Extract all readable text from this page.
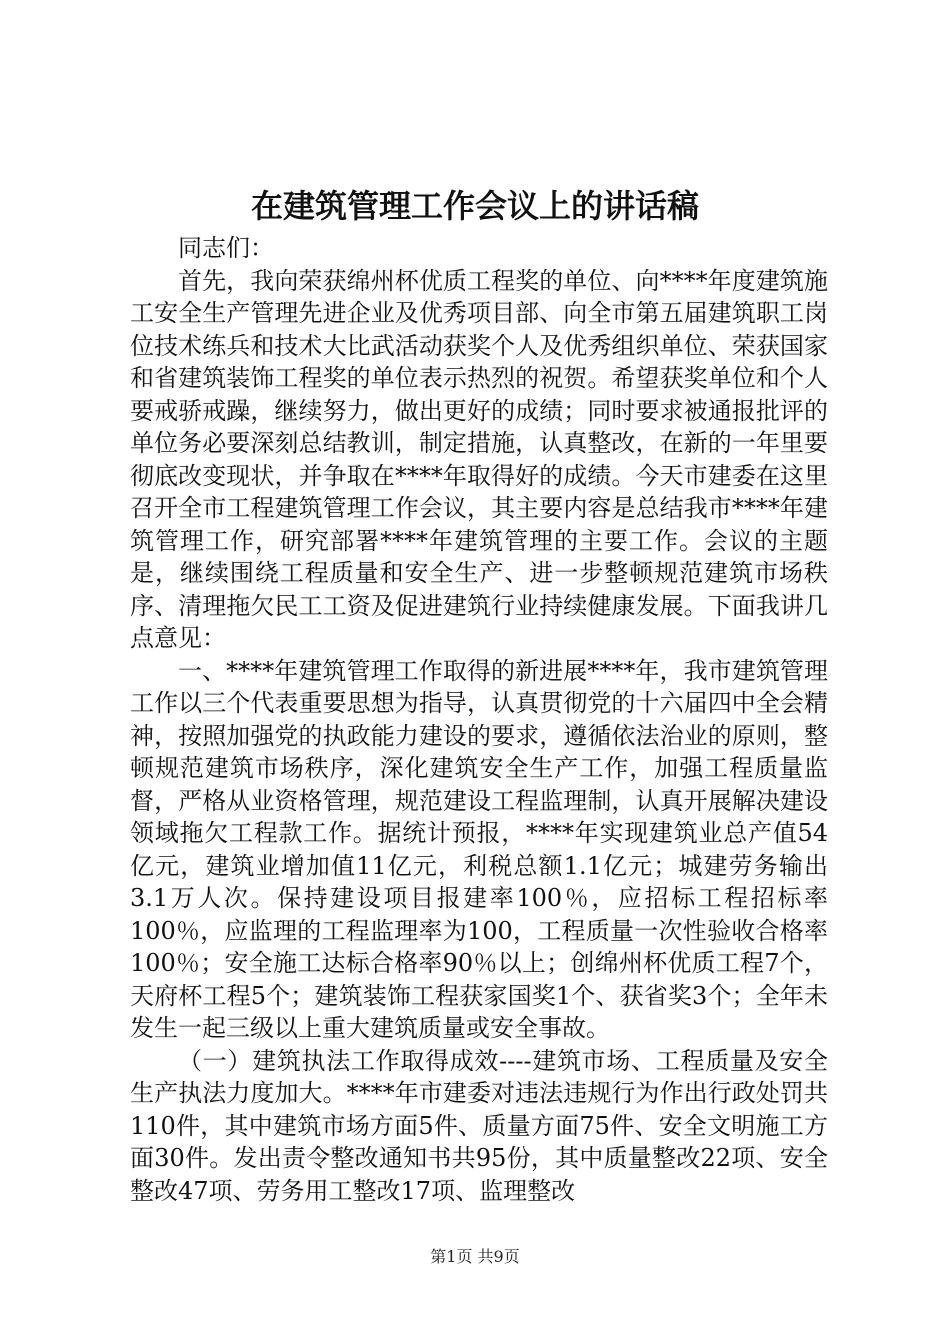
在建筑管理工作会议上的讲话稿

同志们：

首先，我向荣获绵州杯优质工程奖的单位、向****年度建筑施工安全生产管理先进企业及优秀项目部、向全市第五届建筑职工岗位技术练兵和技术大比武活动获奖个人及优秀组织单位、荣获国家和省建筑装饰工程奖的单位表示热烈的祝贺。希望获奖单位和个人要戒骄戒躁，继续努力，做出更好的成绩；同时要求被通报批评的单位务必要深刻总结教训，制定措施，认真整改，在新的一年里要彻底改变现状，并争取在****年取得好的成绩。今天市建委在这里召开全市工程建筑管理工作会议，其主要内容是总结我市****年建筑管理工作，研究部署****年建筑管理的主要工作。会议的主题是，继续围绕工程质量和安全生产、进一步整顿规范建筑市场秩序、清理拖欠民工工资及促进建筑行业持续健康发展。下面我讲几点意见：

一、****年建筑管理工作取得的新进展****年，我市建筑管理工作以三个代表重要思想为指导，认真贯彻党的十六届四中全会精神，按照加强党的执政能力建设的要求，遵循依法治业的原则，整顿规范建筑市场秩序，深化建筑安全生产工作，加强工程质量监督，严格从业资格管理，规范建设工程监理制，认真开展解决建设领域拖欠工程款工作。据统计预报，****年实现建筑业总产值54亿元，建筑业增加值11亿元，利税总额1.1亿元；城建劳务输出3.1万人次。保持建设项目报建率100％，应招标工程招标率100％，应监理的工程监理率为100，工程质量一次性验收合格率100％；安全施工达标合格率90％以上；创绵州杯优质工程7个，天府杯工程5个；建筑装饰工程获家国奖1个、获省奖3个；全年未发生一起三级以上重大建筑质量或安全事故。

（一）建筑执法工作取得成效----建筑市场、工程质量及安全生产执法力度加大。****年市建委对违法违规行为作出行政处罚共110件，其中建筑市场方面5件、质量方面75件、安全文明施工方面30件。发出责令整改通知书共95份，其中质量整改22项、安全整改47项、劳务用工整改17项、监理整改

第1页 共9页
